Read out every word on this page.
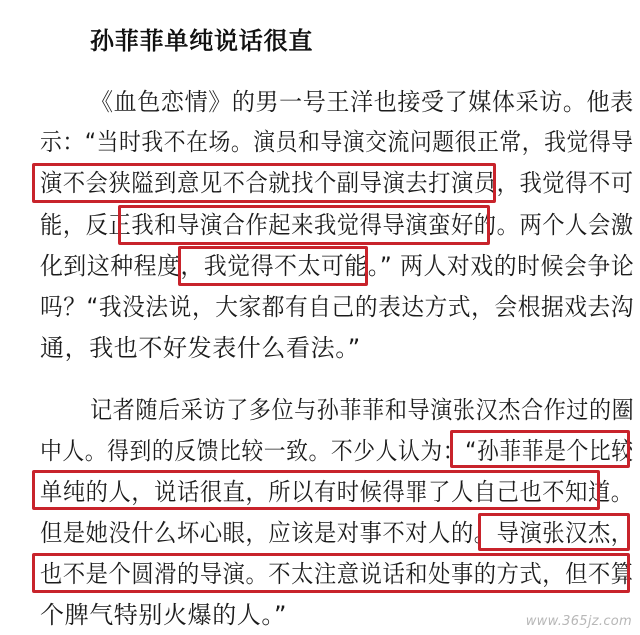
孙菲菲单纯说话很直
《血色恋情》的男一号王洋也接受了媒体采访。他表
示：“当时我不在场。演员和导演交流问题很正常，我觉得导
演不会狭隘到意见不合就找个副导演去打演员，我觉得不可
能，反正我和导演合作起来我觉得导演蛮好的。两个人会激
化到这种程度，我觉得不太可能。” 两人对戏的时候会争论
吗？“我没法说，大家都有自己的表达方式，会根据戏去沟
通，我也不好发表什么看法。”
记者随后采访了多位与孙菲菲和导演张汉杰合作过的圈
中人。得到的反馈比较一致。不少人认为：“孙菲菲是个比较
单纯的人，说话很直，所以有时候得罪了人自己也不知道。
但是她没什么坏心眼，应该是对事不对人的。导演张汉杰，
也不是个圆滑的导演。不太注意说话和处事的方式，但不算
个脾气特别火爆的人。”	www.365jz.com
